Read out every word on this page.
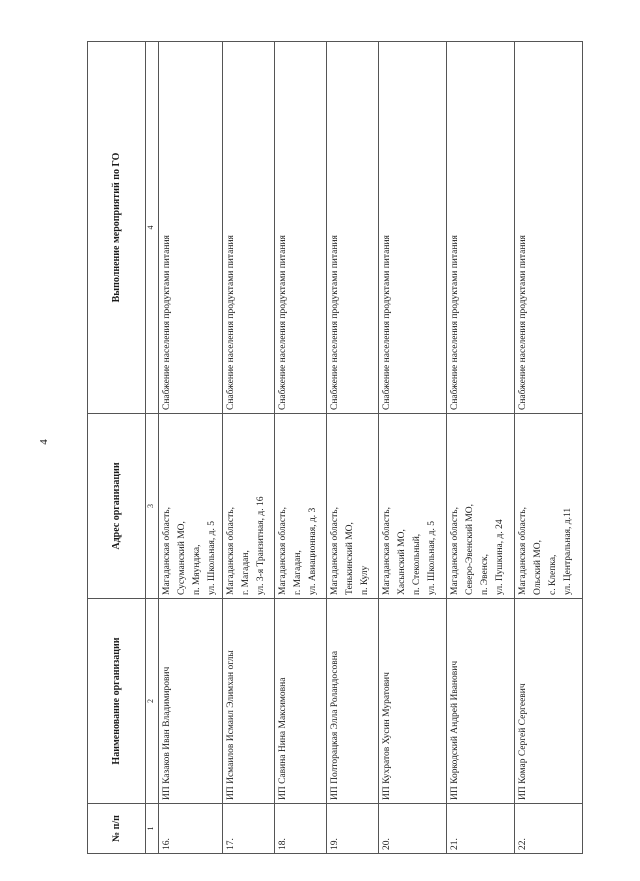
4
№ п/п	Наименование организации	Адрес организации	Выполнение мероприятий по ГО
1	2	3	4
16.	ИП Казаков Иван Владимирович	Магаданская область, Сусуманский МО, п. Мяунджа, ул. Школьная, д. 5	Снабжение населения продуктами питания
17.	ИП Исмаилов Исмаил Элимхан оглы	Магаданская область, г. Магадан, ул. 3-я Транзитная, д. 16	Снабжение населения продуктами питания
18.	ИП Савина Нина Максимовна	Магаданская область, г. Магадан, ул. Авиационная, д. 3	Снабжение населения продуктами питания
19.	ИП Полторацкая Элла Роландосовна	Магаданская область, Тенькинский МО, п. Кулу	Снабжение населения продуктами питания
20.	ИП Кухратов Хусин Муратович	Магаданская область, Хасынский МО, п. Стекольный, ул. Школьная, д. 5	Снабжение населения продуктами питания
21.	ИП Коркодский Андрей Иванович	Магаданская область, Северо-Эвенский МО, п. Эвенск, ул. Пушкина, д. 24	Снабжение населения продуктами питания
22.	ИП Комар Сергей Сергеевич	Магаданская область, Ольский МО, с. Клепка, ул. Центральная, д.11	Снабжение населения продуктами питания
